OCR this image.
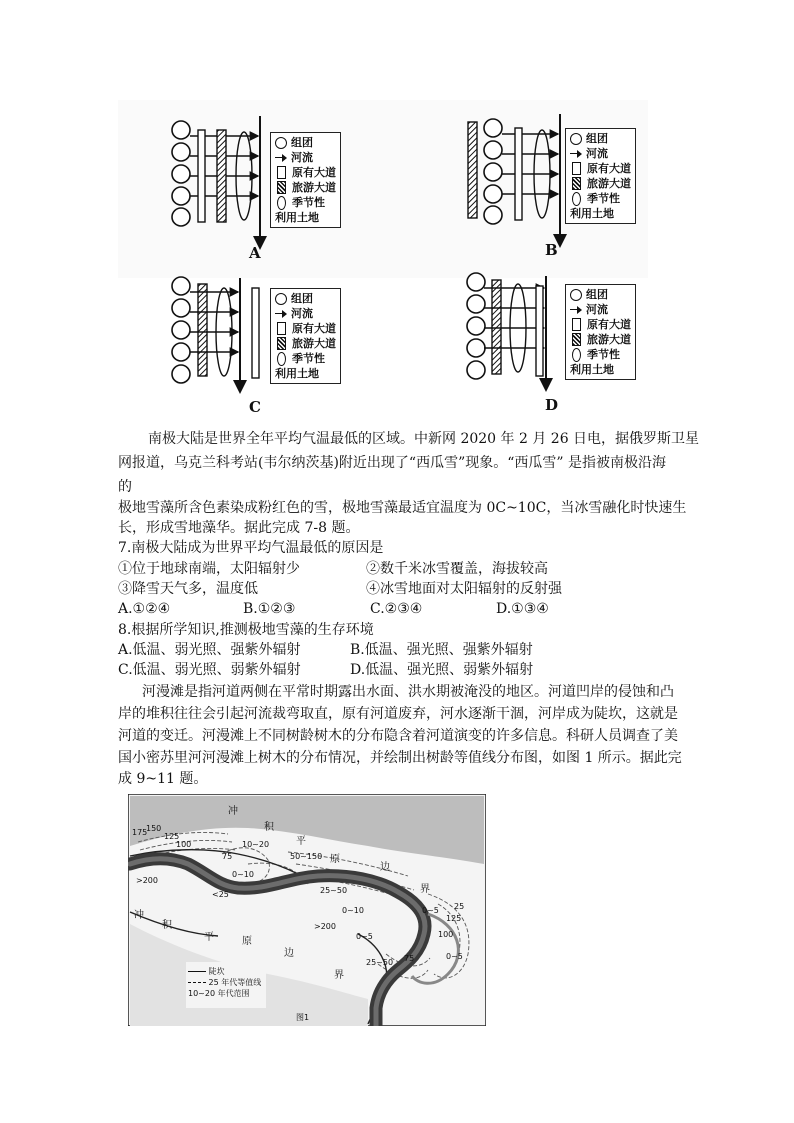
A	B
C	D
组团
河流
原有大道
旅游大道
季节性
利用土地
组团
河流
原有大道
旅游大道
季节性
利用土地
组团
河流
原有大道
旅游大道
季节性
利用土地
组团
河流
原有大道
旅游大道
季节性
利用土地
南极大陆是世界全年平均气温最低的区域。中新网 2020 年 2 月 26 日电，据俄罗斯卫星
网报道，乌克兰科考站(韦尔纳茨基)附近出现了“西瓜雪”现象。“西瓜雪” 是指被南极沿海
的
极地雪藻所含色素染成粉红色的雪，极地雪藻最适宜温度为 0C~10C，当冰雪融化时快速生
长，形成雪地藻华。据此完成 7-8 题。
7.南极大陆成为世界平均气温最低的原因是
①位于地球南端，太阳辐射少	②数千米冰雪覆盖，海拔较高
③降雪天气多，温度低	④冰雪地面对太阳辐射的反射强
A.①②④	B.①②③	C.②③④	D.①③④
8.根据所学知识,推测极地雪藻的生存环境
A.低温、弱光照、强紫外辐射	B.低温、强光照、强紫外辐射
C.低温、弱光照、弱紫外辐射	D.低温、强光照、弱紫外辐射
河漫滩是指河道两侧在平常时期露出水面、洪水期被淹没的地区。河道凹岸的侵蚀和凸
岸的堆积往往会引起河流裁弯取直，原有河道废弃，河水逐渐干涸，河岸成为陡坎，这就是
河道的变迁。河漫滩上不同树龄树木的分布隐含着河道演变的许多信息。科研人员调查了美
国小密苏里河河漫滩上树木的分布情况，并绘制出树龄等值线分布图，如图 1 所示。据此完
成 9~11 题。
冲
积
平
原
边
界
冲
积
平	原
边
界
175
150
125
100
75
10~20
50~150
0~10
>200
25~50
<25
0~10	0~5
>200
0~5
25~50 75
100
125
25
0~5
陡坎
25 年代等值线
10~20 年代范围
图1
